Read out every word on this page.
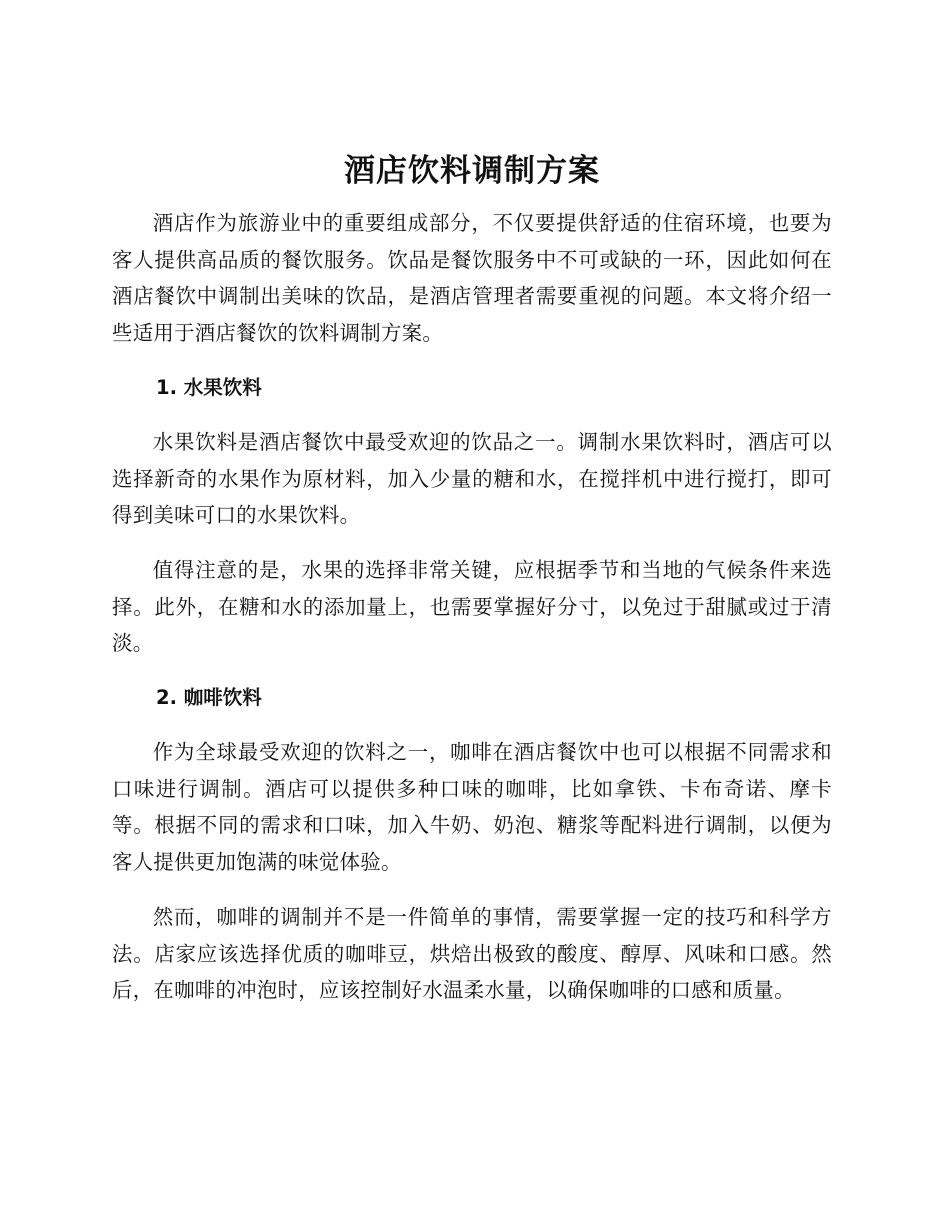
酒店饮料调制方案

酒店作为旅游业中的重要组成部分，不仅要提供舒适的住宿环境，也要为客人提供高品质的餐饮服务。饮品是餐饮服务中不可或缺的一环，因此如何在酒店餐饮中调制出美味的饮品，是酒店管理者需要重视的问题。本文将介绍一些适用于酒店餐饮的饮料调制方案。

1. 水果饮料

水果饮料是酒店餐饮中最受欢迎的饮品之一。调制水果饮料时，酒店可以选择新奇的水果作为原材料，加入少量的糖和水，在搅拌机中进行搅打，即可得到美味可口的水果饮料。

值得注意的是，水果的选择非常关键，应根据季节和当地的气候条件来选择。此外，在糖和水的添加量上，也需要掌握好分寸，以免过于甜腻或过于清淡。

2. 咖啡饮料

作为全球最受欢迎的饮料之一，咖啡在酒店餐饮中也可以根据不同需求和口味进行调制。酒店可以提供多种口味的咖啡，比如拿铁、卡布奇诺、摩卡等。根据不同的需求和口味，加入牛奶、奶泡、糖浆等配料进行调制，以便为客人提供更加饱满的味觉体验。

然而，咖啡的调制并不是一件简单的事情，需要掌握一定的技巧和科学方法。店家应该选择优质的咖啡豆，烘焙出极致的酸度、醇厚、风味和口感。然后，在咖啡的冲泡时，应该控制好水温柔水量，以确保咖啡的口感和质量。
